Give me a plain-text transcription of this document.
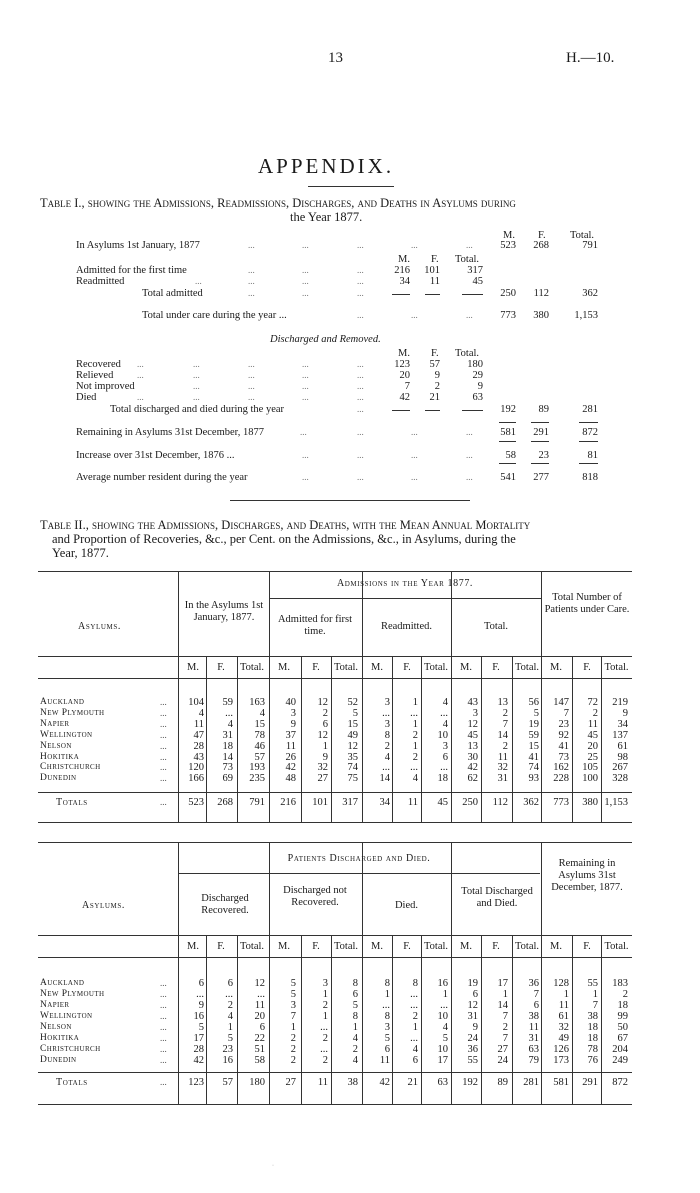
13	H.—10.
APPENDIX.
Table I., showing the Admissions, Readmissions, Discharges, and Deaths in Asylums during
the Year 1877.
M. F. Total.
In Asylums 1st January, 1877	...	...	...	...	...	523	268	791
M. F. Total.
Admitted for the first time	...	...	...	216	101	317
Readmitted	...	...	...	...	34	11	45
Total admitted	...	...	...	250	112	362
Total under care during the year ...	...	...	...	773	380	1,153
M. F. Total.
Recovered ...	...	...	...	...	123	57	180
Relieved	...	...	...	...	...	20	9	29
Not improved	...	...	...	...	7	2	9
Died	...	...	...	...	...	42	21	63
Total discharged and died during the year	...	192	89	281
Remaining in Asylums 31st December, 1877	...	...	...	...	581	291	872
Increase over 31st December, 1876 ...	...	...	...	...	58	23	81
Average number resident during the year	...	...	...	...	541	277	818
Discharged and Removed.
Table II., showing the Admissions, Discharges, and Deaths, with the Mean Annual Mortality
and Proportion of Recoveries, &c., per Cent. on the Admissions, &c., in Asylums, during the
Year, 1877.
Asylums.
In the Asylums 1st January, 1877.
Admissions in the Year 1877.
Admitted for first time.	Readmitted.	Total.
Total Number of Patients under Care.
M.	F.	Total.	M.	F.	Total.	M.	F.	Total.	M.	F.	Total.	M.	F.	Total.
Auckland	...	104	59	163	40	12	52	3	1	4	43	13	56	147	72	219
New Plymouth	...	4	...	4	3	2	5	...	...	...	3	2	5	7	2	9
Napier	...	11	4	15	9	6	15	3	1	4	12	7	19	23	11	34
Wellington	...	47	31	78	37	12	49	8	2	10	45	14	59	92	45	137
Nelson	...	28	18	46	11	1	12	2	1	3	13	2	15	41	20	61
Hokitika	...	43	14	57	26	9	35	4	2	6	30	11	41	73	25	98
Christchurch	...	120	73	193	42	32	74	...	...	...	42	32	74	162	105	267
Dunedin	...	166	69	235	48	27	75	14	4	18	62	31	93	228	100	328
Totals	...	523	268	791	216	101	317	34	11	45	250	112	362	773	380 1,153
Asylums.
Patients Discharged and Died.
Discharged Recovered.
Discharged not Recovered.	Died.
Total Discharged and Died.
Remaining in Asylums 31st December, 1877.
M.	F.	Total.	M.	F.	Total.	M.	F.	Total.	M.	F.	Total.	M.	F.	Total.
Auckland	...	6	6	12	5	3	8	8	8	16	19	17	36	128	55	183
New Plymouth	...	...	...	...	5	1	6	1	...	1	6	1	7	1	1	2
Napier	...	9	2	11	3	2	5	...	...	...	12	14	6	11	7	18
Wellington	...	16	4	20	7	1	8	8	2	10	31	7	38	61	38	99
Nelson	...	5	1	6	1	...	1	3	1	4	9	2	11	32	18	50
Hokitika	...	17	5	22	2	2	4	5	...	5	24	7	31	49	18	67
Christchurch	...	28	23	51	2	...	2	6	4	10	36	27	63	126	78	204
Dunedin	...	42	16	58	2	2	4	11	6	17	55	24	79	173	76	249
Totals	...	123	57	180	27	11	38	42	21	63	192	89	281	581	291	872
·
